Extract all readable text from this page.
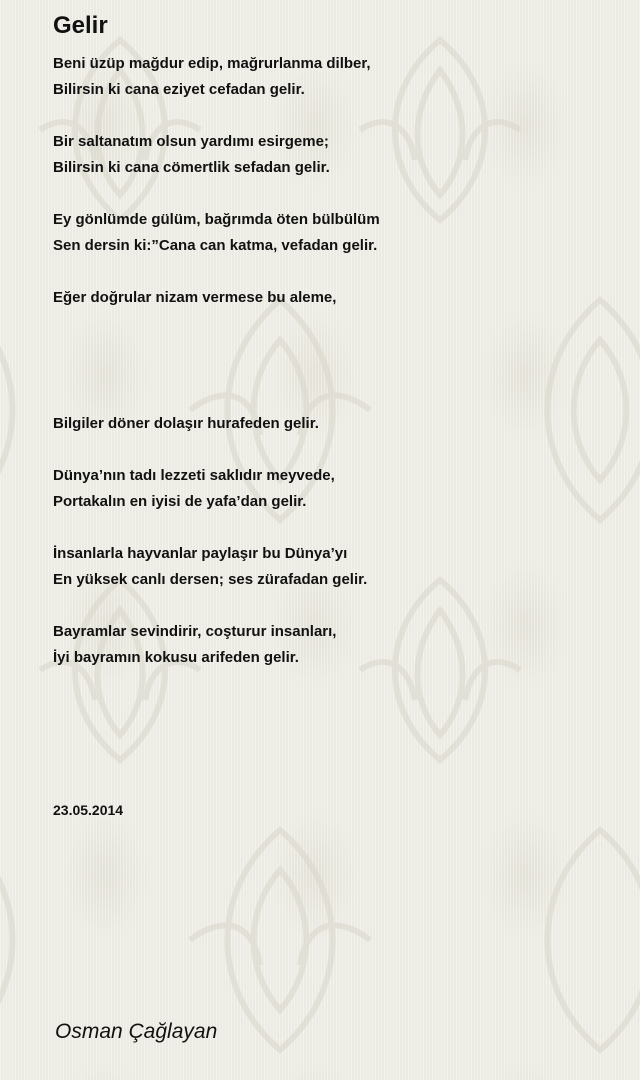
Gelir

Beni üzüp mağdur edip, mağrurlanma dilber,

Bilirsin ki cana eziyet cefadan gelir.

Bir saltanatım olsun yardımı esirgeme;

Bilirsin ki cana cömertlik sefadan gelir.

Ey gönlümde gülüm, bağrımda öten bülbülüm

Sen dersin ki:”Cana can katma, vefadan gelir.

Eğer doğrular nizam vermese bu aleme,

Bilgiler döner dolaşır hurafeden gelir.

Dünya’nın tadı lezzeti saklıdır meyvede,

Portakalın en iyisi de yafa’dan gelir.

İnsanlarla hayvanlar paylaşır bu Dünya’yı

En yüksek canlı dersen; ses zürafadan gelir.

Bayramlar sevindirir, coşturur insanları,

İyi bayramın kokusu arifeden gelir.

23.05.2014

Osman Çağlayan
